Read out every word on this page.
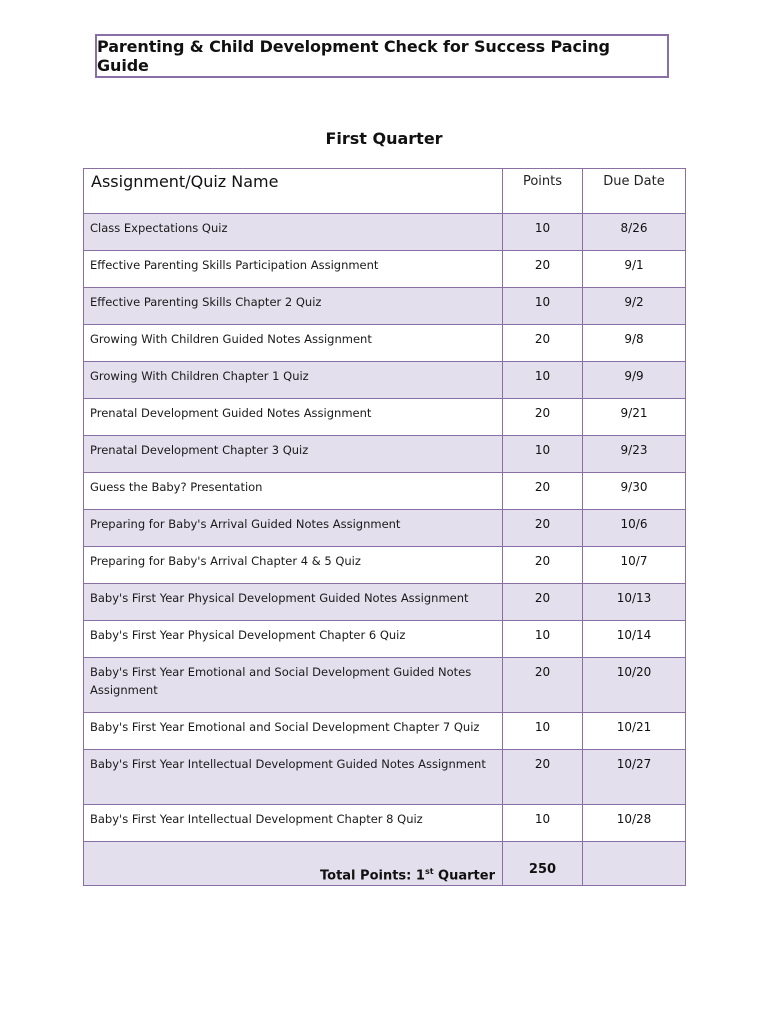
Parenting & Child Development Check for Success Pacing Guide
First Quarter
Assignment/Quiz Name	Points	Due Date
Class Expectations Quiz	10	8/26
Effective Parenting Skills Participation Assignment	20	9/1
Effective Parenting Skills Chapter 2 Quiz	10	9/2
Growing With Children Guided Notes Assignment	20	9/8
Growing With Children Chapter 1 Quiz	10	9/9
Prenatal Development Guided Notes Assignment	20	9/21
Prenatal Development Chapter 3 Quiz	10	9/23
Guess the Baby? Presentation	20	9/30
Preparing for Baby's Arrival Guided Notes Assignment	20	10/6
Preparing for Baby's Arrival Chapter 4 & 5 Quiz	20	10/7
Baby's First Year Physical Development Guided Notes Assignment	20	10/13
Baby's First Year Physical Development Chapter 6 Quiz	10	10/14
Baby's First Year Emotional and Social Development Guided Notes Assignment	20	10/20
Baby's First Year Emotional and Social Development Chapter 7 Quiz	10	10/21
Baby's First Year Intellectual Development Guided Notes Assignment	20	10/27
Baby's First Year Intellectual Development Chapter 8 Quiz	10	10/28
Total Points: 1st Quarter	250	
